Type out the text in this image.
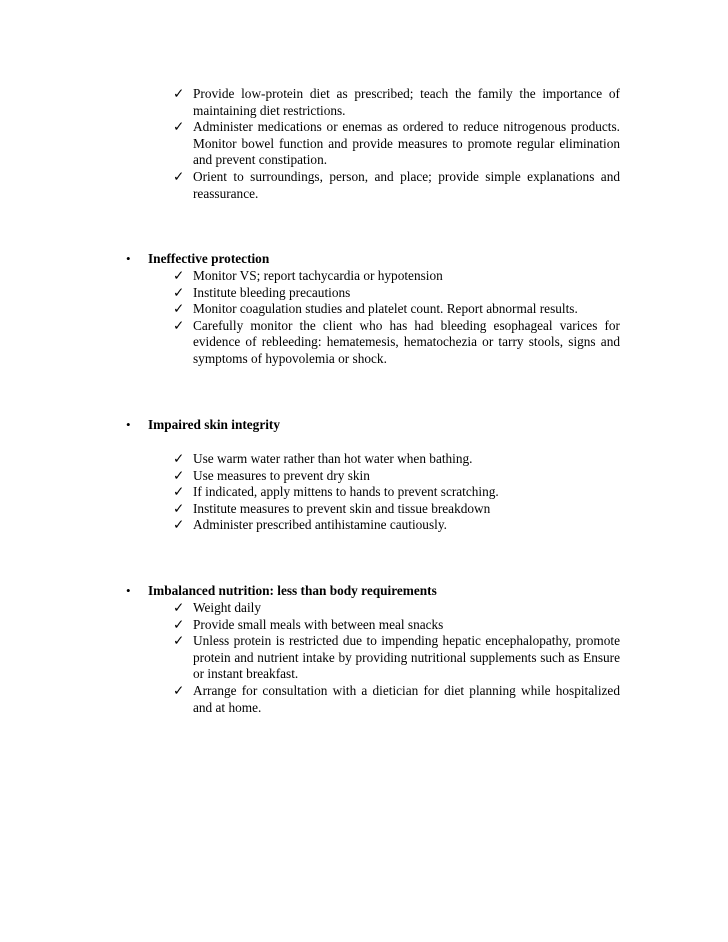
✓ Provide low-protein diet as prescribed; teach the family the importance of maintaining diet restrictions.
✓ Administer medications or enemas as ordered to reduce nitrogenous products. Monitor bowel function and provide measures to promote regular elimination and prevent constipation.
✓ Orient to surroundings, person, and place; provide simple explanations and reassurance.
• Ineffective protection
✓ Monitor VS; report tachycardia or hypotension
✓ Institute bleeding precautions
✓ Monitor coagulation studies and platelet count. Report abnormal results.
✓ Carefully monitor the client who has had bleeding esophageal varices for evidence of rebleeding: hematemesis, hematochezia or tarry stools, signs and symptoms of hypovolemia or shock.
• Impaired skin integrity
✓ Use warm water rather than hot water when bathing.
✓ Use measures to prevent dry skin
✓ If indicated, apply mittens to hands to prevent scratching.
✓ Institute measures to prevent skin and tissue breakdown
✓ Administer prescribed antihistamine cautiously.
• Imbalanced nutrition: less than body requirements
✓ Weight daily
✓ Provide small meals with between meal snacks
✓ Unless protein is restricted due to impending hepatic encephalopathy, promote protein and nutrient intake by providing nutritional supplements such as Ensure or instant breakfast.
✓ Arrange for consultation with a dietician for diet planning while hospitalized and at home.
